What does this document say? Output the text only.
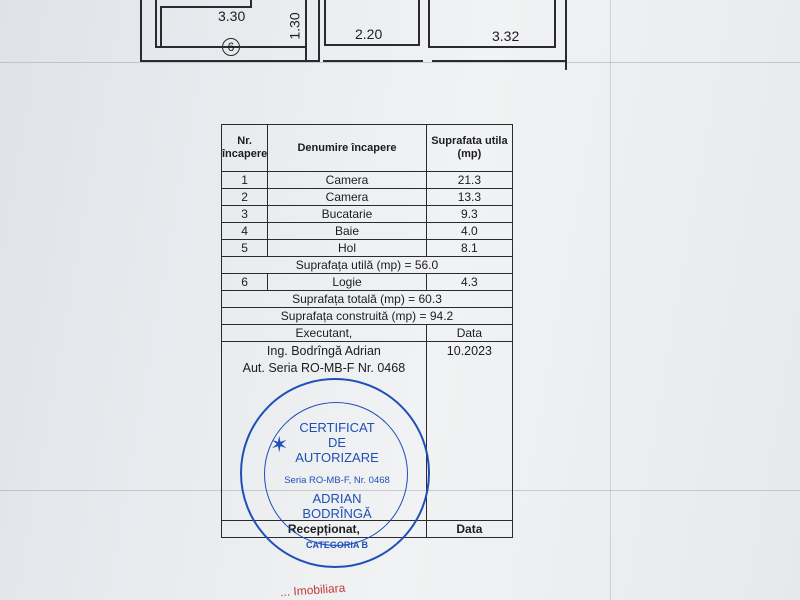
3.30
6
1.30	2.20	3.32
Nr. încapere	Denumire încapere	Suprafata utila (mp)
1	Camera	21.3
2	Camera	13.3
3	Bucatarie	9.3
4	Baie	4.0
5	Hol	8.1
Suprafața utilă (mp) = 56.0		
6	Logie	4.3
Suprafața totală (mp) = 60.3		
Suprafața construită (mp) = 94.2		
Executant,		Data

Ing. Bodrîngă Adrian
Aut. Seria RO-MB-F Nr. 0468		10.2023

Recepționat,		Data
✶
CERTIFICAT
DE
AUTORIZARE
Seria RO-MB-F, Nr. 0468
ADRIAN
BODRÎNGĂ
CATEGORIA B
... Imobiliara
